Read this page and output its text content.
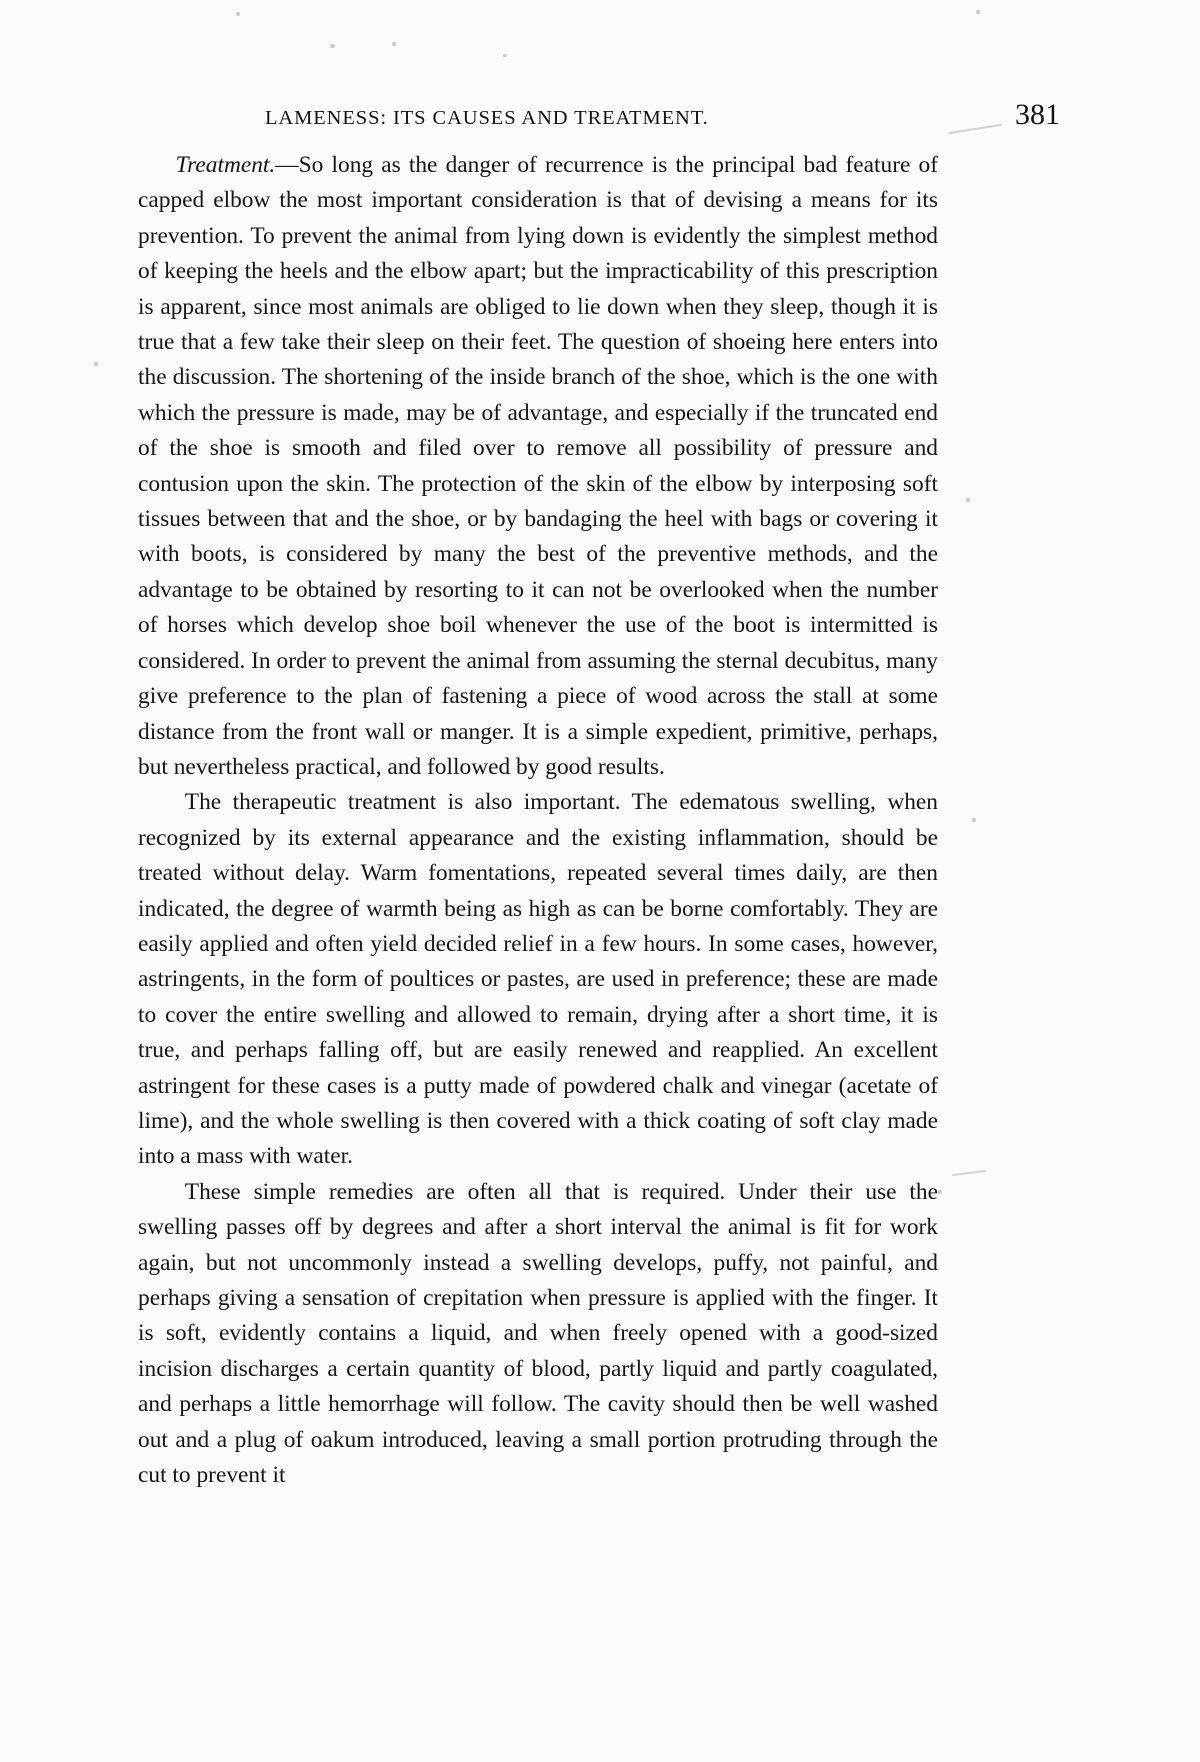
LAMENESS: ITS CAUSES AND TREATMENT.	381

Treatment.—So long as the danger of recurrence is the principal bad feature of capped elbow the most important consideration is that of devising a means for its prevention. To prevent the animal from lying down is evidently the simplest method of keeping the heels and the elbow apart; but the impracticability of this prescription is apparent, since most animals are obliged to lie down when they sleep, though it is true that a few take their sleep on their feet. The question of shoeing here enters into the discussion. The shortening of the inside branch of the shoe, which is the one with which the pressure is made, may be of advantage, and especially if the truncated end of the shoe is smooth and filed over to remove all possibility of pressure and contusion upon the skin. The protection of the skin of the elbow by interposing soft tissues between that and the shoe, or by bandaging the heel with bags or covering it with boots, is considered by many the best of the preventive methods, and the advantage to be obtained by resorting to it can not be overlooked when the number of horses which develop shoe boil whenever the use of the boot is intermitted is considered. In order to prevent the animal from assuming the sternal decubitus, many give preference to the plan of fastening a piece of wood across the stall at some distance from the front wall or manger. It is a simple expedient, primitive, perhaps, but nevertheless practical, and followed by good results.

The therapeutic treatment is also important. The edematous swelling, when recognized by its external appearance and the existing inflammation, should be treated without delay. Warm fomentations, repeated several times daily, are then indicated, the degree of warmth being as high as can be borne comfortably. They are easily applied and often yield decided relief in a few hours. In some cases, however, astringents, in the form of poultices or pastes, are used in preference; these are made to cover the entire swelling and allowed to remain, drying after a short time, it is true, and perhaps falling off, but are easily renewed and reapplied. An excellent astringent for these cases is a putty made of powdered chalk and vinegar (acetate of lime), and the whole swelling is then covered with a thick coating of soft clay made into a mass with water.

These simple remedies are often all that is required. Under their use the swelling passes off by degrees and after a short interval the animal is fit for work again, but not uncommonly instead a swelling develops, puffy, not painful, and perhaps giving a sensation of crepitation when pressure is applied with the finger. It is soft, evidently contains a liquid, and when freely opened with a good-sized incision discharges a certain quantity of blood, partly liquid and partly coagulated, and perhaps a little hemorrhage will follow. The cavity should then be well washed out and a plug of oakum introduced, leaving a small portion protruding through the cut to prevent it
